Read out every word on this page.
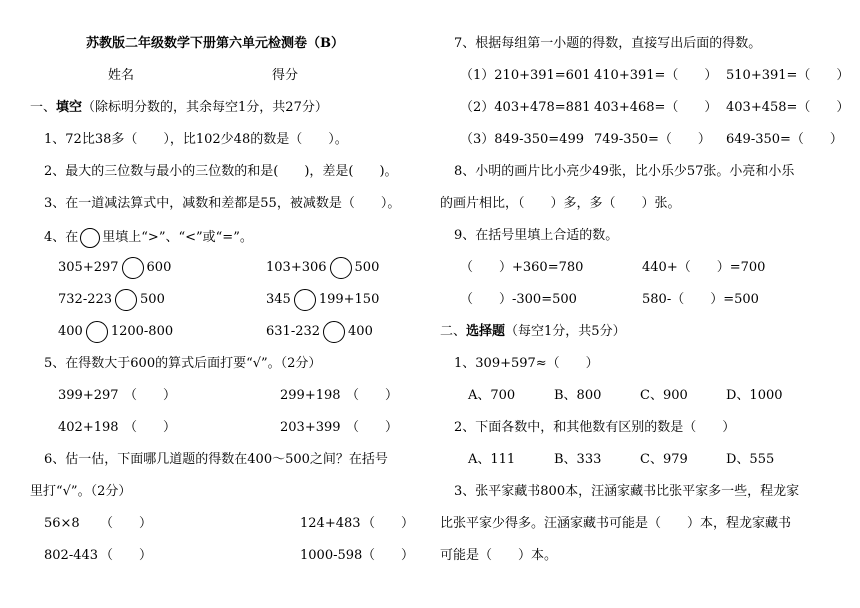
苏教版二年级数学下册第六单元检测卷（B）
姓名	得分
一、填空（除标明分数的，其余每空1分，共27分）
1、72比38多（　　），比102少48的数是（　　）。
2、最大的三位数与最小的三位数的和是(　　)，差是(　　)。
3、在一道减法算式中，减数和差都是55，被减数是（　　）。
4、在 里填上“>”、“<”或“=”。
305+297 600	103+306 500
732-223 500	345 199+150
400 1200-800	631-232 400
5、在得数大于600的算式后面打要“√”。（2分）
399+297 （　　）	299+198 （　　）
402+198 （　　）	203+399 （　　）
6、估一估，下面哪几道题的得数在400～500之间？在括号
里打“√”。（2分）
56×8 （　　）	124+483 （　　）
802-443 （　　）	1000-598 （　　）
7、根据每组第一小题的得数，直接写出后面的得数。
（1）210+391=601 410+391=（　　） 510+391=（　　）
（2）403+478=881 403+468=（　　） 403+458=（　　）
（3）849-350=499 749-350=（　　） 649-350=（　　）
8、小明的画片比小亮少49张，比小乐少57张。小亮和小乐
的画片相比，（　　）多，多（　　）张。
9、在括号里填上合适的数。
（　　）+360=780	440+（　　）=700
（　　）-300=500	580-（　　）=500
二、选择题（每空1分，共5分）
1、309+597≈（　　）
A、700	B、800	C、900	D、1000
2、下面各数中，和其他数有区别的数是（　　）
A、111	B、333	C、979	D、555
3、张平家藏书800本，汪涵家藏书比张平家多一些，程龙家
比张平家少得多。汪涵家藏书可能是（　　）本，程龙家藏书
可能是（　　）本。
